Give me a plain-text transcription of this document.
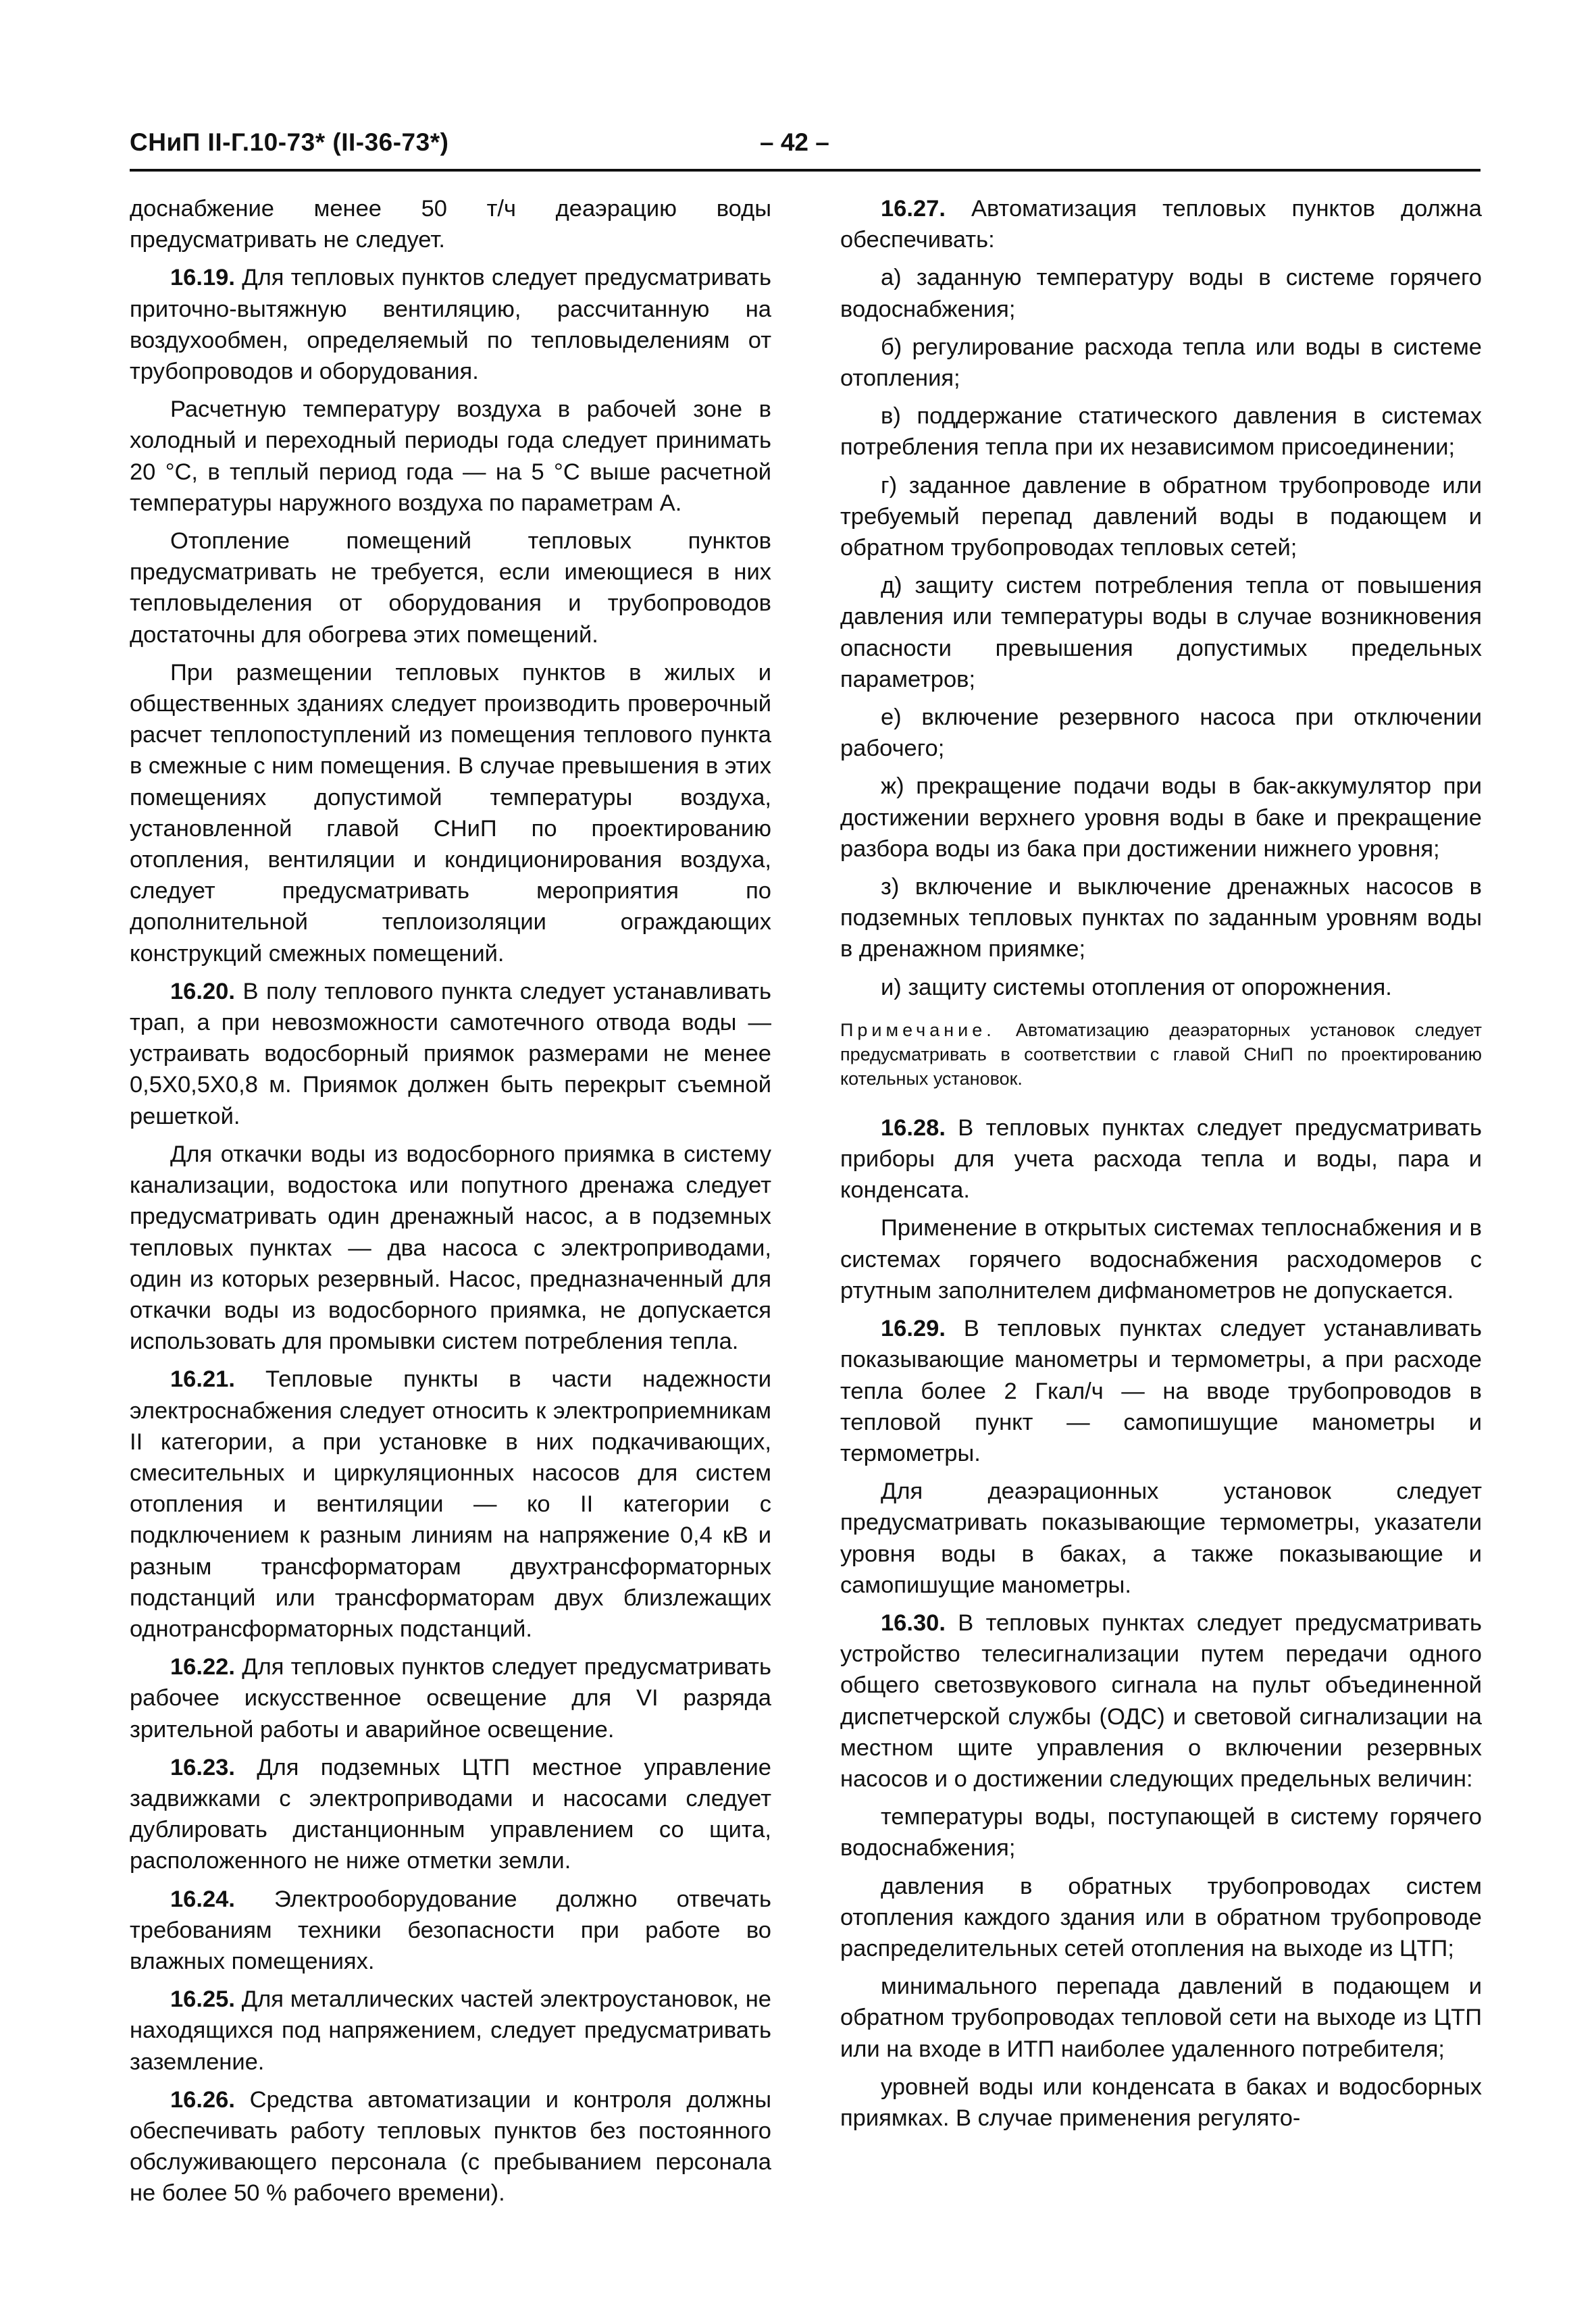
СНиП II-Г.10-73* (II-36-73*)	– 42 –

доснабжение менее 50 т/ч деаэрацию воды предусматривать не следует.

16.19. Для тепловых пунктов следует предусматривать приточно-вытяжную вентиляцию, рассчитанную на воздухообмен, определяемый по тепловыделениям от трубопроводов и оборудования.

Расчетную температуру воздуха в рабочей зоне в холодный и переходный периоды года следует принимать 20 °С, в теплый период года — на 5 °С выше расчетной температуры наружного воздуха по параметрам А.

Отопление помещений тепловых пунктов предусматривать не требуется, если имеющиеся в них тепловыделения от оборудования и трубопроводов достаточны для обогрева этих помещений.

При размещении тепловых пунктов в жилых и общественных зданиях следует производить проверочный расчет теплопоступлений из помещения теплового пункта в смежные с ним помещения. В случае превышения в этих помещениях допустимой температуры воздуха, установленной главой СНиП по проектированию отопления, вентиляции и кондиционирования воздуха, следует предусматривать мероприятия по дополнительной теплоизоляции ограждающих конструкций смежных помещений.

16.20. В полу теплового пункта следует устанавливать трап, а при невозможности самотечного отвода воды — устраивать водосборный приямок размерами не менее 0,5Х0,5Х0,8 м. Приямок должен быть перекрыт съемной решеткой.

Для откачки воды из водосборного приямка в систему канализации, водостока или попутного дренажа следует предусматривать один дренажный насос, а в подземных тепловых пунктах — два насоса с электроприводами, один из которых резервный. Насос, предназначенный для откачки воды из водосборного приямка, не допускается использовать для промывки систем потребления тепла.

16.21. Тепловые пункты в части надежности электроснабжения следует относить к электроприемникам II категории, а при установке в них подкачивающих, смесительных и циркуляционных насосов для систем отопления и вентиляции — ко II категории с подключением к разным линиям на напряжение 0,4 кВ и разным трансформаторам двухтрансформаторных подстанций или трансформаторам двух близлежащих однотрансформаторных подстанций.

16.22. Для тепловых пунктов следует предусматривать рабочее искусственное освещение для VI разряда зрительной работы и аварийное освещение.

16.23. Для подземных ЦТП местное управление задвижками с электроприводами и насосами следует дублировать дистанционным управлением со щита, расположенного не ниже отметки земли.

16.24. Электрооборудование должно отвечать требованиям техники безопасности при работе во влажных помещениях.

16.25. Для металлических частей электроустановок, не находящихся под напряжением, следует предусматривать заземление.

16.26. Средства автоматизации и контроля должны обеспечивать работу тепловых пунктов без постоянного обслуживающего персонала (с пребыванием персонала не более 50 % рабочего времени).

16.27. Автоматизация тепловых пунктов должна обеспечивать:

а) заданную температуру воды в системе горячего водоснабжения;

б) регулирование расхода тепла или воды в системе отопления;

в) поддержание статического давления в системах потребления тепла при их независимом присоединении;

г) заданное давление в обратном трубопроводе или требуемый перепад давлений воды в подающем и обратном трубопроводах тепловых сетей;

д) защиту систем потребления тепла от повышения давления или температуры воды в случае возникновения опасности превышения допустимых предельных параметров;

е) включение резервного насоса при отключении рабочего;

ж) прекращение подачи воды в бак-аккумулятор при достижении верхнего уровня воды в баке и прекращение разбора воды из бака при достижении нижнего уровня;

з) включение и выключение дренажных насосов в подземных тепловых пунктах по заданным уровням воды в дренажном приямке;

и) защиту системы отопления от опорожнения.

Примечание. Автоматизацию деаэраторных установок следует предусматривать в соответствии с главой СНиП по проектированию котельных установок.

16.28. В тепловых пунктах следует предусматривать приборы для учета расхода тепла и воды, пара и конденсата.

Применение в открытых системах теплоснабжения и в системах горячего водоснабжения расходомеров с ртутным заполнителем дифманометров не допускается.

16.29. В тепловых пунктах следует устанавливать показывающие манометры и термометры, а при расходе тепла более 2 Гкал/ч — на вводе трубопроводов в тепловой пункт — самопишущие манометры и термометры.

Для деаэрационных установок следует предусматривать показывающие термометры, указатели уровня воды в баках, а также показывающие и самопишущие манометры.

16.30. В тепловых пунктах следует предусматривать устройство телесигнализации путем передачи одного общего светозвукового сигнала на пульт объединенной диспетчерской службы (ОДС) и световой сигнализации на местном щите управления о включении резервных насосов и о достижении следующих предельных величин:

температуры воды, поступающей в систему горячего водоснабжения;

давления в обратных трубопроводах систем отопления каждого здания или в обратном трубопроводе распределительных сетей отопления на выходе из ЦТП;

минимального перепада давлений в подающем и обратном трубопроводах тепловой сети на выходе из ЦТП или на входе в ИТП наиболее удаленного потребителя;

уровней воды или конденсата в баках и водосборных приямках. В случае применения регулято-
